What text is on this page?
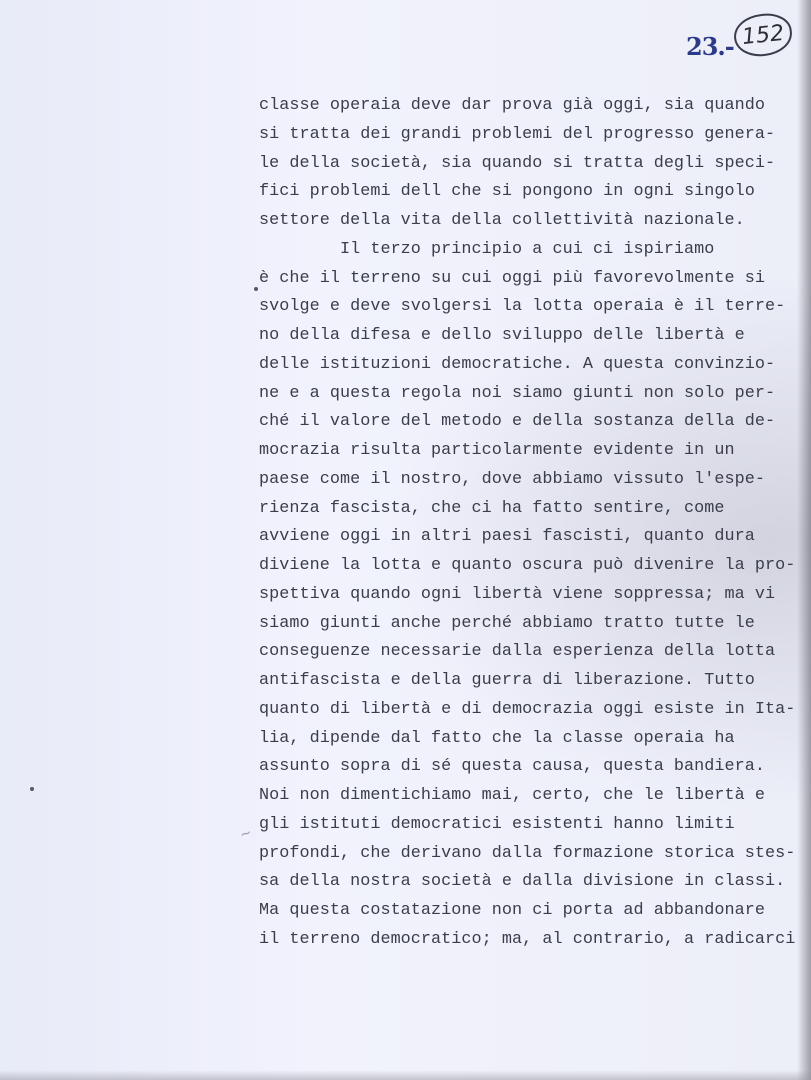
23.- 152
~
classe operaia deve dar prova già oggi, sia quando
si tratta dei grandi problemi del progresso genera-
le della società, sia quando si tratta degli speci-
fici problemi dell che si pongono in ogni singolo
settore della vita della collettività nazionale.
Il terzo principio a cui ci ispiriamo
è che il terreno su cui oggi più favorevolmente si
svolge e deve svolgersi la lotta operaia è il terre-
no della difesa e dello sviluppo delle libertà e
delle istituzioni democratiche. A questa convinzio-
ne e a questa regola noi siamo giunti non solo per-
ché il valore del metodo e della sostanza della de-
mocrazia risulta particolarmente evidente in un
paese come il nostro, dove abbiamo vissuto l'espe-
rienza fascista, che ci ha fatto sentire, come
avviene oggi in altri paesi fascisti, quanto dura
diviene la lotta e quanto oscura può divenire la pro-
spettiva quando ogni libertà viene soppressa; ma vi
siamo giunti anche perché abbiamo tratto tutte le
conseguenze necessarie dalla esperienza della lotta
antifascista e della guerra di liberazione. Tutto
quanto di libertà e di democrazia oggi esiste in Ita-
lia, dipende dal fatto che la classe operaia ha
assunto sopra di sé questa causa, questa bandiera.
Noi non dimentichiamo mai, certo, che le libertà e
gli istituti democratici esistenti hanno limiti
profondi, che derivano dalla formazione storica stes-
sa della nostra società e dalla divisione in classi.
Ma questa costatazione non ci porta ad abbandonare
il terreno democratico; ma, al contrario, a radicarci
